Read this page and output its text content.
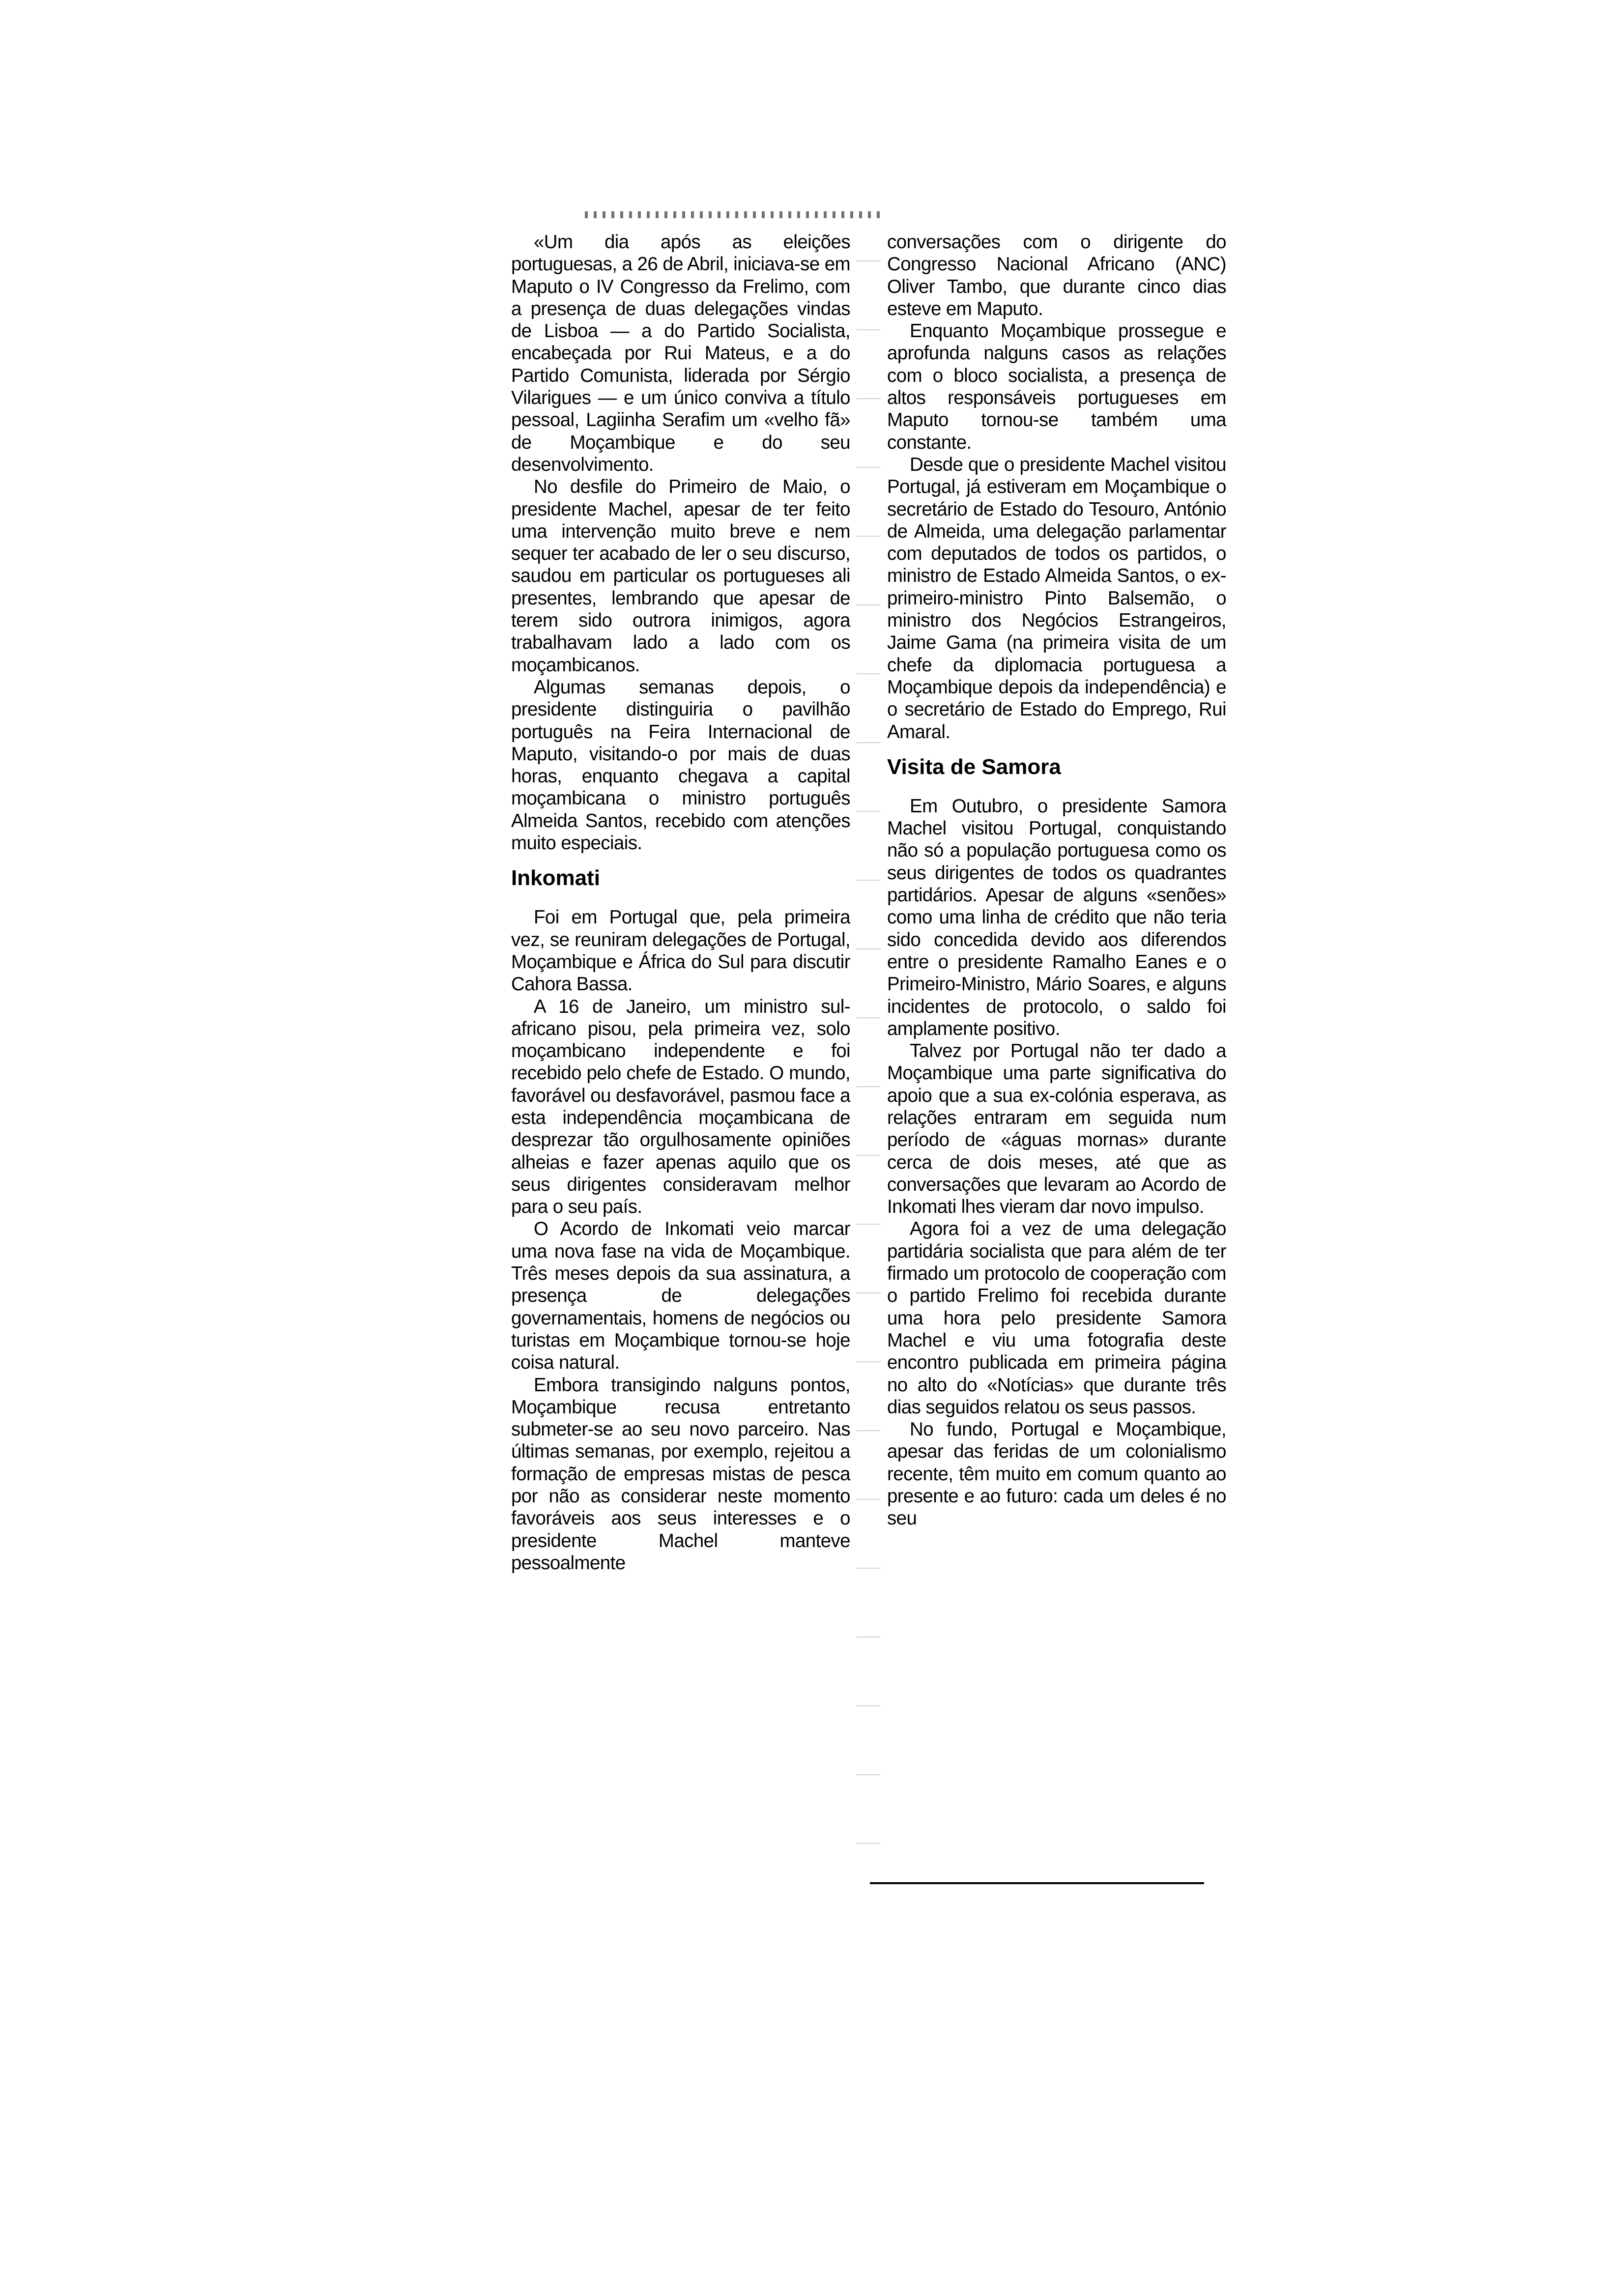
«Um dia após as eleições portuguesas, a 26 de Abril, iniciava-se em Maputo o IV Congresso da Frelimo, com a presença de duas delegações vindas de Lisboa — a do Partido Socialista, encabeçada por Rui Mateus, e a do Partido Comunista, liderada por Sérgio Vilarigues — e um único conviva a título pessoal, Lagiinha Serafim um «velho fã» de Moçambique e do seu desenvolvimento.

No desfile do Primeiro de Maio, o presidente Machel, apesar de ter feito uma intervenção muito breve e nem sequer ter acabado de ler o seu discurso, saudou em particular os portugueses ali presentes, lembrando que apesar de terem sido outrora inimigos, agora trabalhavam lado a lado com os moçambicanos.

Algumas semanas depois, o presidente distinguiria o pavilhão português na Feira Internacional de Maputo, visitando-o por mais de duas horas, enquanto chegava a capital moçambicana o ministro português Almeida Santos, recebido com atenções muito especiais.

Inkomati

Foi em Portugal que, pela primeira vez, se reuniram delegações de Portugal, Moçambique e África do Sul para discutir Cahora Bassa.

A 16 de Janeiro, um ministro sul-africano pisou, pela primeira vez, solo moçambicano independente e foi recebido pelo chefe de Estado. O mundo, favorável ou desfavorável, pasmou face a esta independência moçambicana de desprezar tão orgulhosamente opiniões alheias e fazer apenas aquilo que os seus dirigentes consideravam melhor para o seu país.

O Acordo de Inkomati veio marcar uma nova fase na vida de Moçambique. Três meses depois da sua assinatura, a presença de delegações governamentais, homens de negócios ou turistas em Moçambique tornou-se hoje coisa natural.

Embora transigindo nalguns pontos, Moçambique recusa entretanto submeter-se ao seu novo parceiro. Nas últimas semanas, por exemplo, rejeitou a formação de empresas mistas de pesca por não as considerar neste momento favoráveis aos seus interesses e o presidente Machel manteve pessoalmente

conversações com o dirigente do Congresso Nacional Africano (ANC) Oliver Tambo, que durante cinco dias esteve em Maputo.

Enquanto Moçambique prossegue e aprofunda nalguns casos as relações com o bloco socialista, a presença de altos responsáveis portugueses em Maputo tornou-se também uma constante.

Desde que o presidente Machel visitou Portugal, já estiveram em Moçambique o secretário de Estado do Tesouro, António de Almeida, uma delegação parlamentar com deputados de todos os partidos, o ministro de Estado Almeida Santos, o ex-primeiro-ministro Pinto Balsemão, o ministro dos Negócios Estrangeiros, Jaime Gama (na primeira visita de um chefe da diplomacia portuguesa a Moçambique depois da independência) e o secretário de Estado do Emprego, Rui Amaral.

Visita de Samora

Em Outubro, o presidente Samora Machel visitou Portugal, conquistando não só a população portuguesa como os seus dirigentes de todos os quadrantes partidários. Apesar de alguns «senões» como uma linha de crédito que não teria sido concedida devido aos diferendos entre o presidente Ramalho Eanes e o Primeiro-Ministro, Mário Soares, e alguns incidentes de protocolo, o saldo foi amplamente positivo.

Talvez por Portugal não ter dado a Moçambique uma parte significativa do apoio que a sua ex-colónia esperava, as relações entraram em seguida num período de «águas mornas» durante cerca de dois meses, até que as conversações que levaram ao Acordo de Inkomati lhes vieram dar novo impulso.

Agora foi a vez de uma delegação partidária socialista que para além de ter firmado um protocolo de cooperação com o partido Frelimo foi recebida durante uma hora pelo presidente Samora Machel e viu uma fotografia deste encontro publicada em primeira página no alto do «Notícias» que durante três dias seguidos relatou os seus passos.

No fundo, Portugal e Moçambique, apesar das feridas de um colonialismo recente, têm muito em comum quanto ao presente e ao futuro: cada um deles é no seu
